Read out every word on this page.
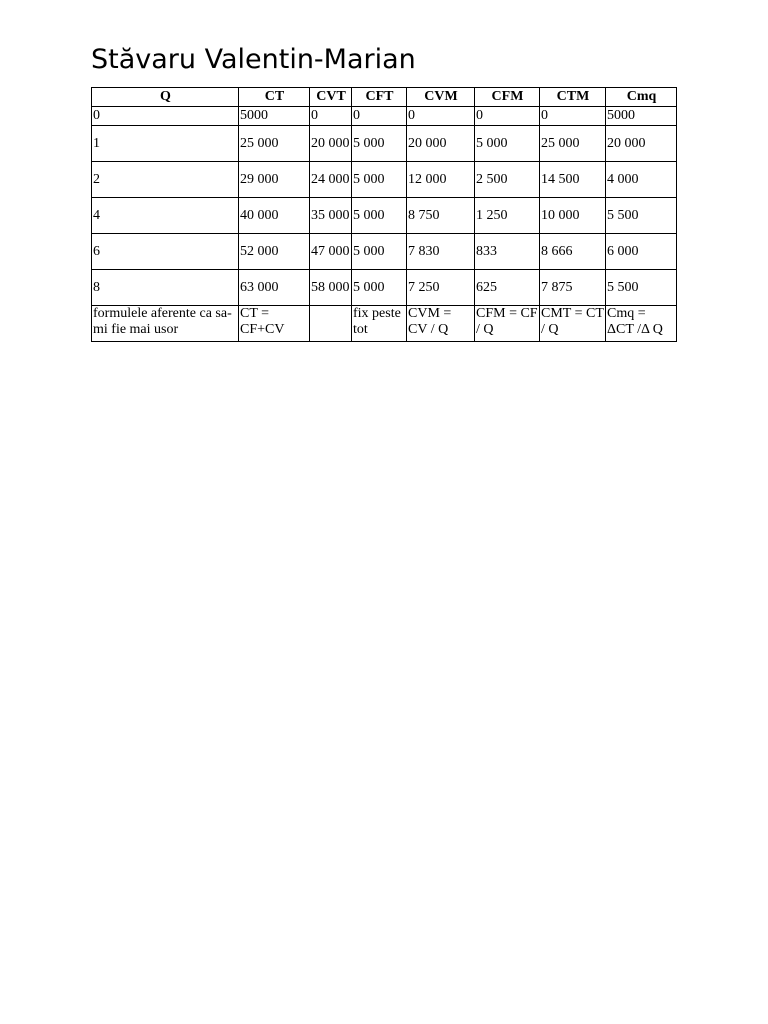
Stăvaru Valentin-Marian
Q	CT	CVT	CFT	CVM	CFM	CTM	Cmq
0	5000	0	0	0	0	0	5000
1	25 000	20 000	5 000	20 000	5 000	25 000	20 000
2	29 000	24 000	5 000	12 000	2 500	14 500	4 000
4	40 000	35 000	5 000	8 750	1 250	10 000	5 500
6	52 000	47 000	5 000	7 830	833	8 666	6 000
8	63 000	58 000	5 000	7 250	625	7 875	5 500
formulele aferente ca sa-mi fie mai usor	CT = CF+CV		fix peste tot	CVM = CV / Q	CFM = CF / Q	CMT = CT / Q	Cmq = ΔCT /Δ Q
